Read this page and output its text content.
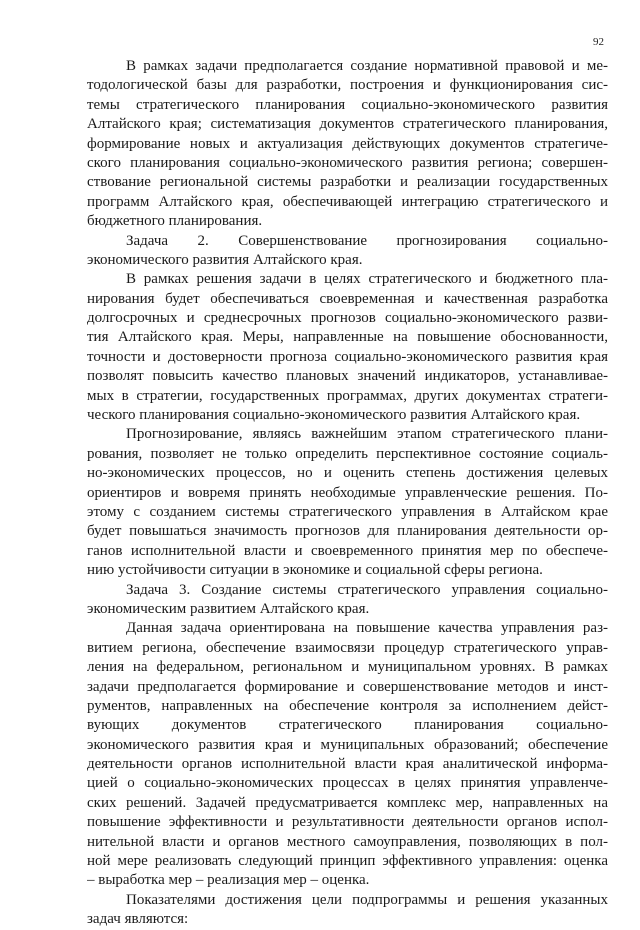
92
В рамках задачи предполагается создание нормативной правовой и ме-
тодологической базы для разработки, построения и функционирования сис-
темы стратегического планирования социально-экономического развития
Алтайского края; систематизация документов стратегического планирования,
формирование новых и актуализация действующих документов стратегиче-
ского планирования социально-экономического развития региона; совершен-
ствование региональной системы разработки и реализации государственных
программ Алтайского края, обеспечивающей интеграцию стратегического и
бюджетного планирования.
Задача 2. Совершенствование прогнозирования социально-
экономического развития Алтайского края.
В рамках решения задачи в целях стратегического и бюджетного пла-
нирования будет обеспечиваться своевременная и качественная разработка
долгосрочных и среднесрочных прогнозов социально-экономического разви-
тия Алтайского края. Меры, направленные на повышение обоснованности,
точности и достоверности прогноза социально-экономического развития края
позволят повысить качество плановых значений индикаторов, устанавливае-
мых в стратегии, государственных программах, других документах стратеги-
ческого планирования социально-экономического развития Алтайского края.
Прогнозирование, являясь важнейшим этапом стратегического плани-
рования, позволяет не только определить перспективное состояние социаль-
но-экономических процессов, но и оценить степень достижения целевых
ориентиров и вовремя принять необходимые управленческие решения. По-
этому с созданием системы стратегического управления в Алтайском крае
будет повышаться значимость прогнозов для планирования деятельности ор-
ганов исполнительной власти и своевременного принятия мер по обеспече-
нию устойчивости ситуации в экономике и социальной сферы региона.
Задача 3. Создание системы стратегического управления социально-
экономическим развитием Алтайского края.
Данная задача ориентирована на повышение качества управления раз-
витием региона, обеспечение взаимосвязи процедур стратегического управ-
ления на федеральном, региональном и муниципальном уровнях. В рамках
задачи предполагается формирование и совершенствование методов и инст-
рументов, направленных на обеспечение контроля за исполнением дейст-
вующих документов стратегического планирования социально-
экономического развития края и муниципальных образований; обеспечение
деятельности органов исполнительной власти края аналитической информа-
цией о социально-экономических процессах в целях принятия управленче-
ских решений. Задачей предусматривается комплекс мер, направленных на
повышение эффективности и результативности деятельности органов испол-
нительной власти и органов местного самоуправления, позволяющих в пол-
ной мере реализовать следующий принцип эффективного управления: оценка
– выработка мер – реализация мер – оценка.
Показателями достижения цели подпрограммы и решения указанных
задач являются:
